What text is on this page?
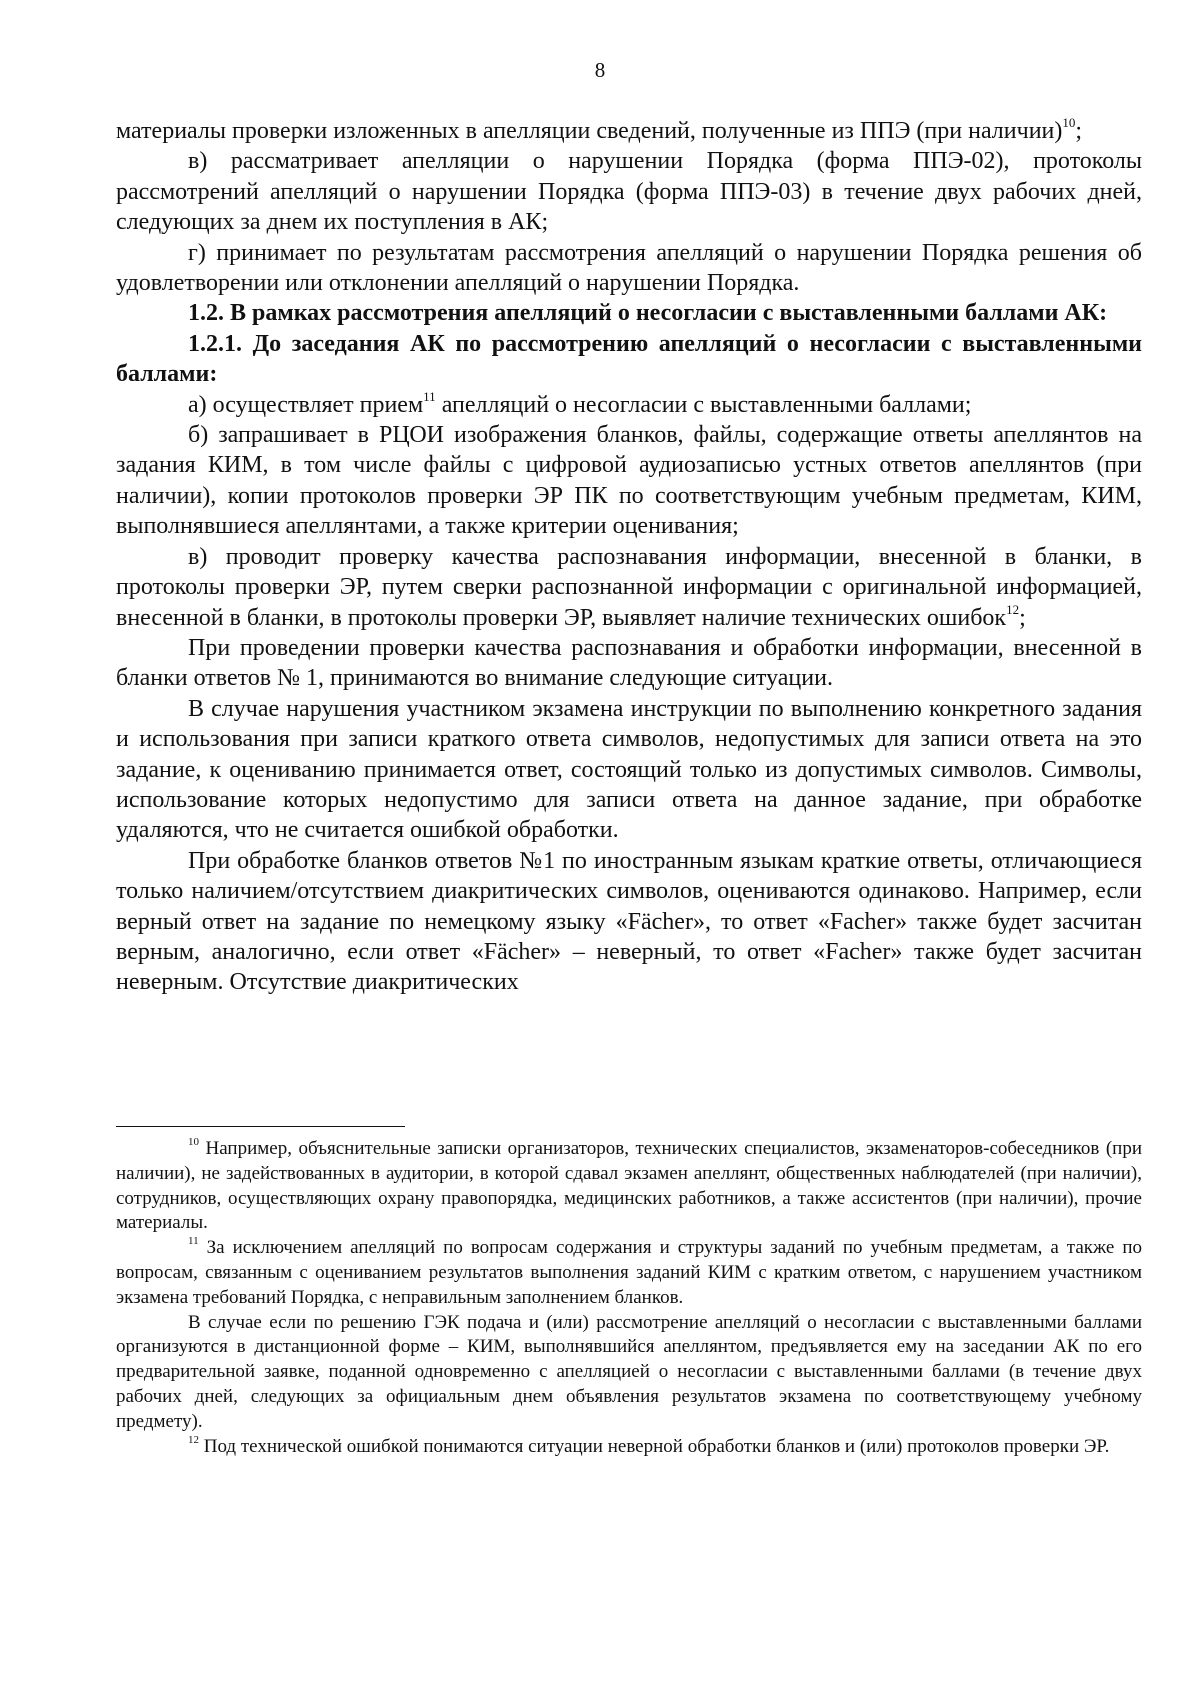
8

материалы проверки изложенных в апелляции сведений, полученные из ППЭ (при наличии)$^{10}$;

в) рассматривает апелляции о нарушении Порядка (форма ППЭ-02), протоколы рассмотрений апелляций о нарушении Порядка (форма ППЭ-03) в течение двух рабочих дней, следующих за днем их поступления в АК;

г) принимает по результатам рассмотрения апелляций о нарушении Порядка решения об удовлетворении или отклонении апелляций о нарушении Порядка.

1.2. В рамках рассмотрения апелляций о несогласии с выставленными баллами АК:

1.2.1. До заседания АК по рассмотрению апелляций о несогласии с выставленными баллами:

а) осуществляет прием$^{11}$ апелляций о несогласии с выставленными баллами;

б) запрашивает в РЦОИ изображения бланков, файлы, содержащие ответы апеллянтов на задания КИМ, в том числе файлы с цифровой аудиозаписью устных ответов апеллянтов (при наличии), копии протоколов проверки ЭР ПК по соответствующим учебным предметам, КИМ, выполнявшиеся апеллянтами, а также критерии оценивания;

в) проводит проверку качества распознавания информации, внесенной в бланки, в протоколы проверки ЭР, путем сверки распознанной информации с оригинальной информацией, внесенной в бланки, в протоколы проверки ЭР, выявляет наличие технических ошибок$^{12}$;

При проведении проверки качества распознавания и обработки информации, внесенной в бланки ответов № 1, принимаются во внимание следующие ситуации.

В случае нарушения участником экзамена инструкции по выполнению конкретного задания и использования при записи краткого ответа символов, недопустимых для записи ответа на это задание, к оцениванию принимается ответ, состоящий только из допустимых символов. Символы, использование которых недопустимо для записи ответа на данное задание, при обработке удаляются, что не считается ошибкой обработки.

При обработке бланков ответов №1 по иностранным языкам краткие ответы, отличающиеся только наличием/отсутствием диакритических символов, оцениваются одинаково. Например, если верный ответ на задание по немецкому языку «Fächer», то ответ «Facher» также будет засчитан верным, аналогично, если ответ «Fächer» – неверный, то ответ «Facher» также будет засчитан неверным. Отсутствие диакритических

$^{10}$ Например, объяснительные записки организаторов, технических специалистов, экзаменаторов-собеседников (при наличии), не задействованных в аудитории, в которой сдавал экзамен апеллянт, общественных наблюдателей (при наличии), сотрудников, осуществляющих охрану правопорядка, медицинских работников, а также ассистентов (при наличии), прочие материалы.

$^{11}$ За исключением апелляций по вопросам содержания и структуры заданий по учебным предметам, а также по вопросам, связанным с оцениванием результатов выполнения заданий КИМ с кратким ответом, с нарушением участником экзамена требований Порядка, с неправильным заполнением бланков.

В случае если по решению ГЭК подача и (или) рассмотрение апелляций о несогласии с выставленными баллами организуются в дистанционной форме – КИМ, выполнявшийся апеллянтом, предъявляется ему на заседании АК по его предварительной заявке, поданной одновременно с апелляцией о несогласии с выставленными баллами (в течение двух рабочих дней, следующих за официальным днем объявления результатов экзамена по соответствующему учебному предмету).

$^{12}$ Под технической ошибкой понимаются ситуации неверной обработки бланков и (или) протоколов проверки ЭР.
